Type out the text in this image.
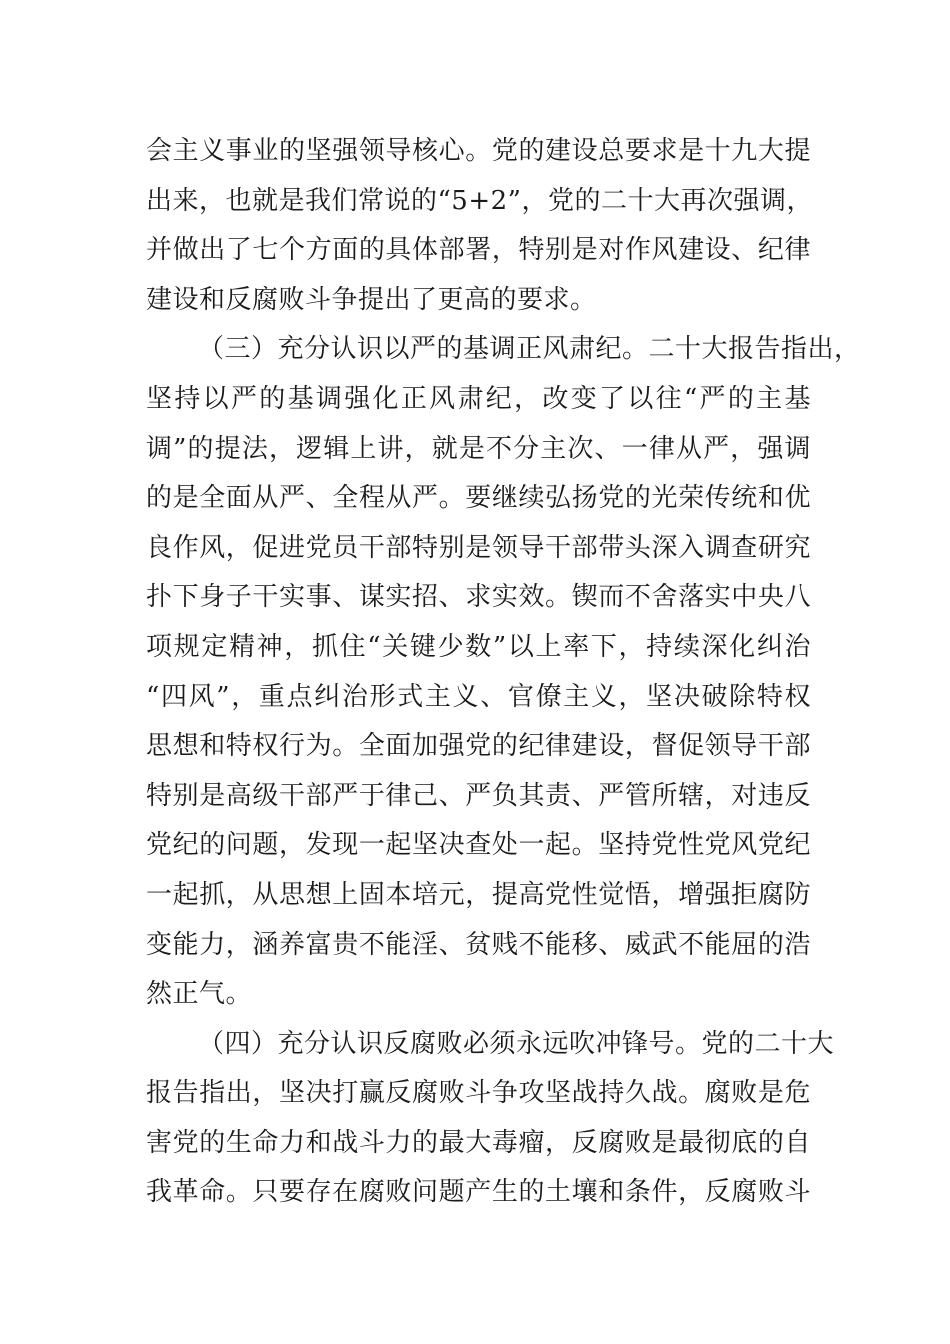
会主义事业的坚强领导核心。党的建设总要求是十九大提
出来，也就是我们常说的“5+2”，党的二十大再次强调，
并做出了七个方面的具体部署，特别是对作风建设、纪律
建设和反腐败斗争提出了更高的要求。
（三）充分认识以严的基调正风肃纪。二十大报告指出，
坚持以严的基调强化正风肃纪，改变了以往“严的主基
调”的提法，逻辑上讲，就是不分主次、一律从严，强调
的是全面从严、全程从严。要继续弘扬党的光荣传统和优
良作风，促进党员干部特别是领导干部带头深入调查研究
扑下身子干实事、谋实招、求实效。锲而不舍落实中央八
项规定精神，抓住“关键少数”以上率下，持续深化纠治
“四风”，重点纠治形式主义、官僚主义，坚决破除特权
思想和特权行为。全面加强党的纪律建设，督促领导干部
特别是高级干部严于律己、严负其责、严管所辖，对违反
党纪的问题，发现一起坚决查处一起。坚持党性党风党纪
一起抓，从思想上固本培元，提高党性觉悟，增强拒腐防
变能力，涵养富贵不能淫、贫贱不能移、威武不能屈的浩
然正气。
（四）充分认识反腐败必须永远吹冲锋号。党的二十大
报告指出，坚决打赢反腐败斗争攻坚战持久战。腐败是危
害党的生命力和战斗力的最大毒瘤，反腐败是最彻底的自
我革命。只要存在腐败问题产生的土壤和条件，反腐败斗
